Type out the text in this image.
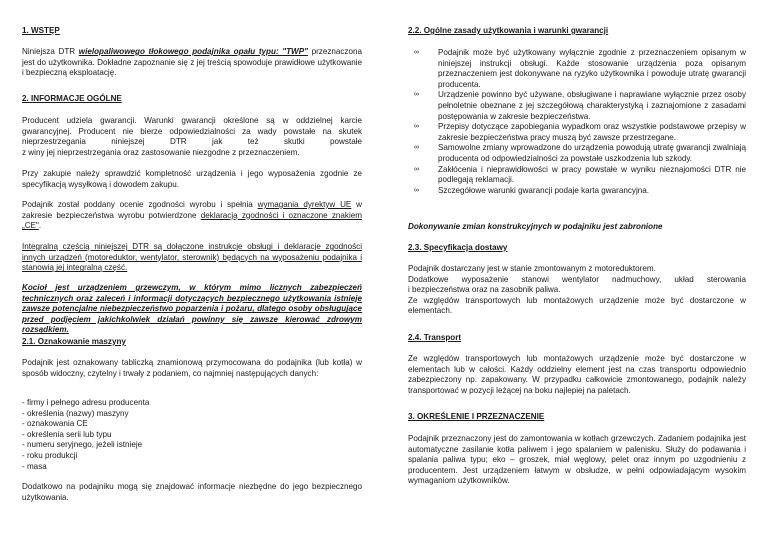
1. WSTĘP

Niniejsza DTR wielopaliwowego tłokowego podajnika opału typu: "TWP" przeznaczona jest do użytkownika. Dokładne zapoznanie się z jej treścią spowoduje prawidłowe użytkowanie i bezpieczną eksploatację.

2. INFORMACJE OGÓLNE

Producent udziela gwarancji. Warunki gwarancji określone są w oddzielnej karcie gwarancyjnej. Producent nie bierze odpowiedzialności za wady powstałe na skutek
nieprzestrzegania niniejszej DTR jak też skutki powstałe
z winy jej nieprzestrzegania oraz zastosowanie niezgodne z przeznaczeniem.

Przy zakupie należy sprawdzić kompletność urządzenia i jego wyposażenia zgodnie ze specyfikacją wysyłkową i dowodem zakupu.

Podajnik został poddany ocenie zgodności wyrobu i spełnia wymagania dyrektyw UE w zakresie bezpieczeństwa wyrobu potwierdzone deklaracją zgodności i oznaczone znakiem „CE".

Integralną częścią niniejszej DTR są dołączone instrukcje obsługi i deklaracje zgodności innych urządzeń (motoreduktor, wentylator, sterownik) będących na wyposażeniu podajnika i stanowią jej integralną część.

Kocioł jest urządzeniem grzewczym, w którym mimo licznych zabezpieczeń technicznych oraz zaleceń i informacji dotyczących bezpiecznego użytkowania istnieje zawsze potencjalne niebezpieczeństwo poparzenia i pożaru, dlatego osoby obsługujące przed podjęciem jakichkolwiek działań powinny się zawsze kierować zdrowym rozsądkiem.

2.1. Oznakowanie maszyny

Podajnik jest oznakowany tabliczką znamionową przymocowana do podajnika (lub kotła) w sposób widoczny, czytelny i trwały z podaniem, co najmniej następujących danych:

- firmy i pełnego adresu producenta
- określenia (nazwy) maszyny
- oznakowania CE
- określenia serii lub typu
- numeru seryjnego, jeżeli istnieje
- roku produkcji
- masa

Dodatkowo na podajniku mogą się znajdować informacje niezbędne do jego bezpiecznego użytkowania.

2.2. Ogólne zasady użytkowania i warunki gwarancji
∞ Podajnik może być użytkowany wyłącznie zgodnie z przeznaczeniem opisanym w niniejszej instrukcji obsługi. Każde stosowanie urządzenia poza opisanym przeznaczeniem jest dokonywane na ryzyko użytkownika i powoduje utratę gwarancji producenta.
∞ Urządzenie powinno być używane, obsługiwane i naprawiane wyłącznie przez osoby pełnoletnie obeznane z jej szczegółową charakterystyką i zaznajomione z zasadami postępowania w zakresie bezpieczeństwa.
∞ Przepisy dotyczące zapobiegania wypadkom oraz wszystkie podstawowe przepisy w zakresie bezpieczeństwa pracy muszą być zawsze przestrzegane.
∞ Samowolne zmiany wprowadzone do urządzenia powodują utratę gwarancji zwalniają producenta od odpowiedzialności za powstałe uszkodzenia lub szkody.
∞ Zakłócenia i nieprawidłowości w pracy powstałe w wyniku nieznajomości DTR nie podlegają reklamacji.
∞ Szczegółowe warunki gwarancji podaje karta gwarancyjna.
Dokonywanie zmian konstrukcyjnych w podajniku jest zabronione
2.3. Specyfikacja dostawy

Podajnik dostarczany jest w stanie zmontowanym z motoreduktorem.
Dodatkowe wyposażenie stanowi wentylator nadmuchowy, układ sterowania
i bezpieczeństwa oraz na zasobnik paliwa.
Ze względów transportowych lub montażowych urządzenie może być dostarczone w elementach.

2.4. Transport

Ze względów transportowych lub montażowych urządzenie może być dostarczone w elementach lub w całości. Każdy oddzielny element jest na czas transportu odpowiednio zabezpieczony np. zapakowany. W przypadku całkowicie zmontowanego, podajnik należy transportować w pozycji leżącej na boku najlepiej na paletach.

3. OKREŚLENIE I PRZEZNACZENIE

Podajnik przeznaczony jest do zamontowania w kotłach grzewczych. Zadaniem podajnika jest automatyczne zasilanie kotła paliwem i jego spalaniem w palenisku. Służy do podawania i spalania paliwa typu; eko – groszek, miał węglowy, pelet oraz innym po uzgodnieniu z producentem. Jest urządzeniem łatwym w obsłudze, w pełni odpowiadającym wysokim wymaganiom użytkowników.
